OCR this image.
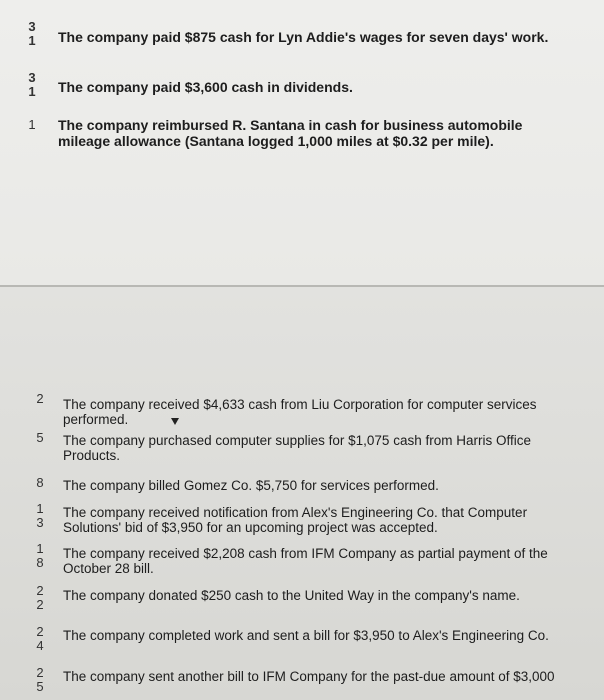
3
1 The company paid $875 cash for Lyn Addie's wages for seven days' work.
3
1 The company paid $3,600 cash in dividends.
1 The company reimbursed R. Santana in cash for business automobile mileage allowance (Santana logged 1,000 miles at $0.32 per mile).
2 The company received $4,633 cash from Liu Corporation for computer services performed.
5 The company purchased computer supplies for $1,075 cash from Harris Office Products.
8 The company billed Gomez Co. $5,750 for services performed.
1
3
The company received notification from Alex's Engineering Co. that Computer Solutions' bid of $3,950 for an upcoming project was accepted.
1
8
The company received $2,208 cash from IFM Company as partial payment of the October 28 bill.
2
2
The company donated $250 cash to the United Way in the company's name.
2
4
The company completed work and sent a bill for $3,950 to Alex's Engineering Co.
2
5
The company sent another bill to IFM Company for the past-due amount of $3,000
